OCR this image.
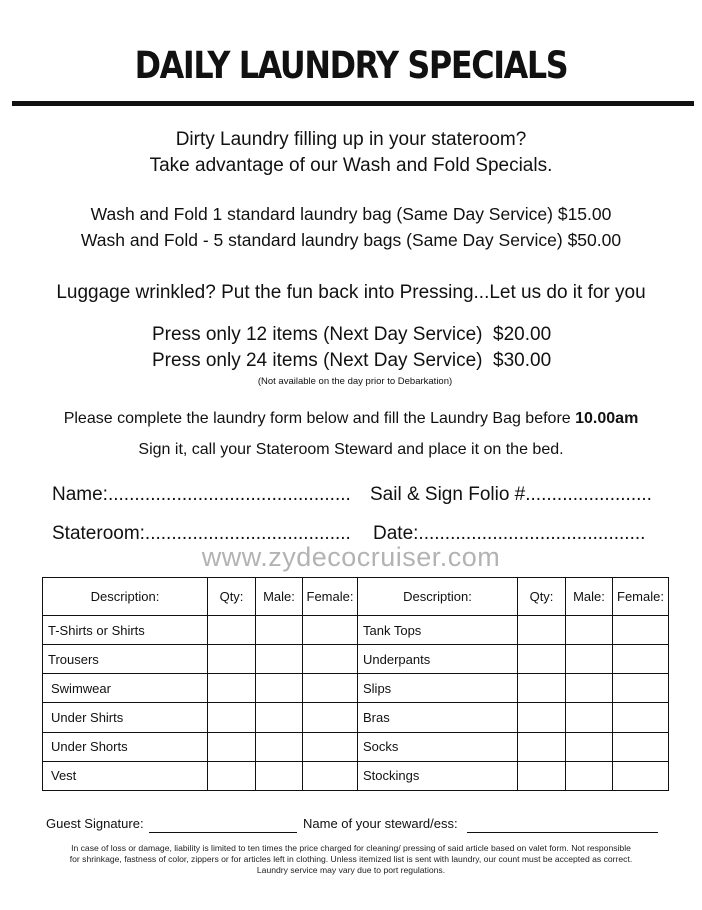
DAILY LAUNDRY SPECIALS
Dirty Laundry filling up in your stateroom?
Take advantage of our Wash and Fold Specials.
Wash and Fold 1 standard laundry bag (Same Day Service) $15.00
Wash and Fold - 5 standard laundry bags (Same Day Service) $50.00
Luggage wrinkled? Put the fun back into Pressing...Let us do it for you
Press only 12 items (Next Day Service)  $20.00
Press only 24 items (Next Day Service)  $30.00
(Not available on the day prior to Debarkation)
Please complete the laundry form below and fill the Laundry Bag before 10.00am
Sign it, call your Stateroom Steward and place it on the bed.
Name:.............................................. Sail & Sign Folio #........................
Stateroom:....................................... Date:...........................................
www.zydecocruiser.com
Description:	Qty:	Male:	Female:	Description:	Qty:	Male:	Female:
T-Shirts or Shirts				Tank Tops			
Trousers				Underpants			
Swimwear				Slips			
Under Shirts				Bras			
Under Shorts				Socks			
Vest				Stockings			
Guest Signature:	Name of your steward/ess:
In case of loss or damage, liability is limited to ten times the price charged for cleaning/ pressing of said article based on valet form. Not responsible
for shrinkage, fastness of color, zippers or for articles left in clothing. Unless itemized list is sent with laundry, our count must be accepted as correct.
Laundry service may vary due to port regulations.
